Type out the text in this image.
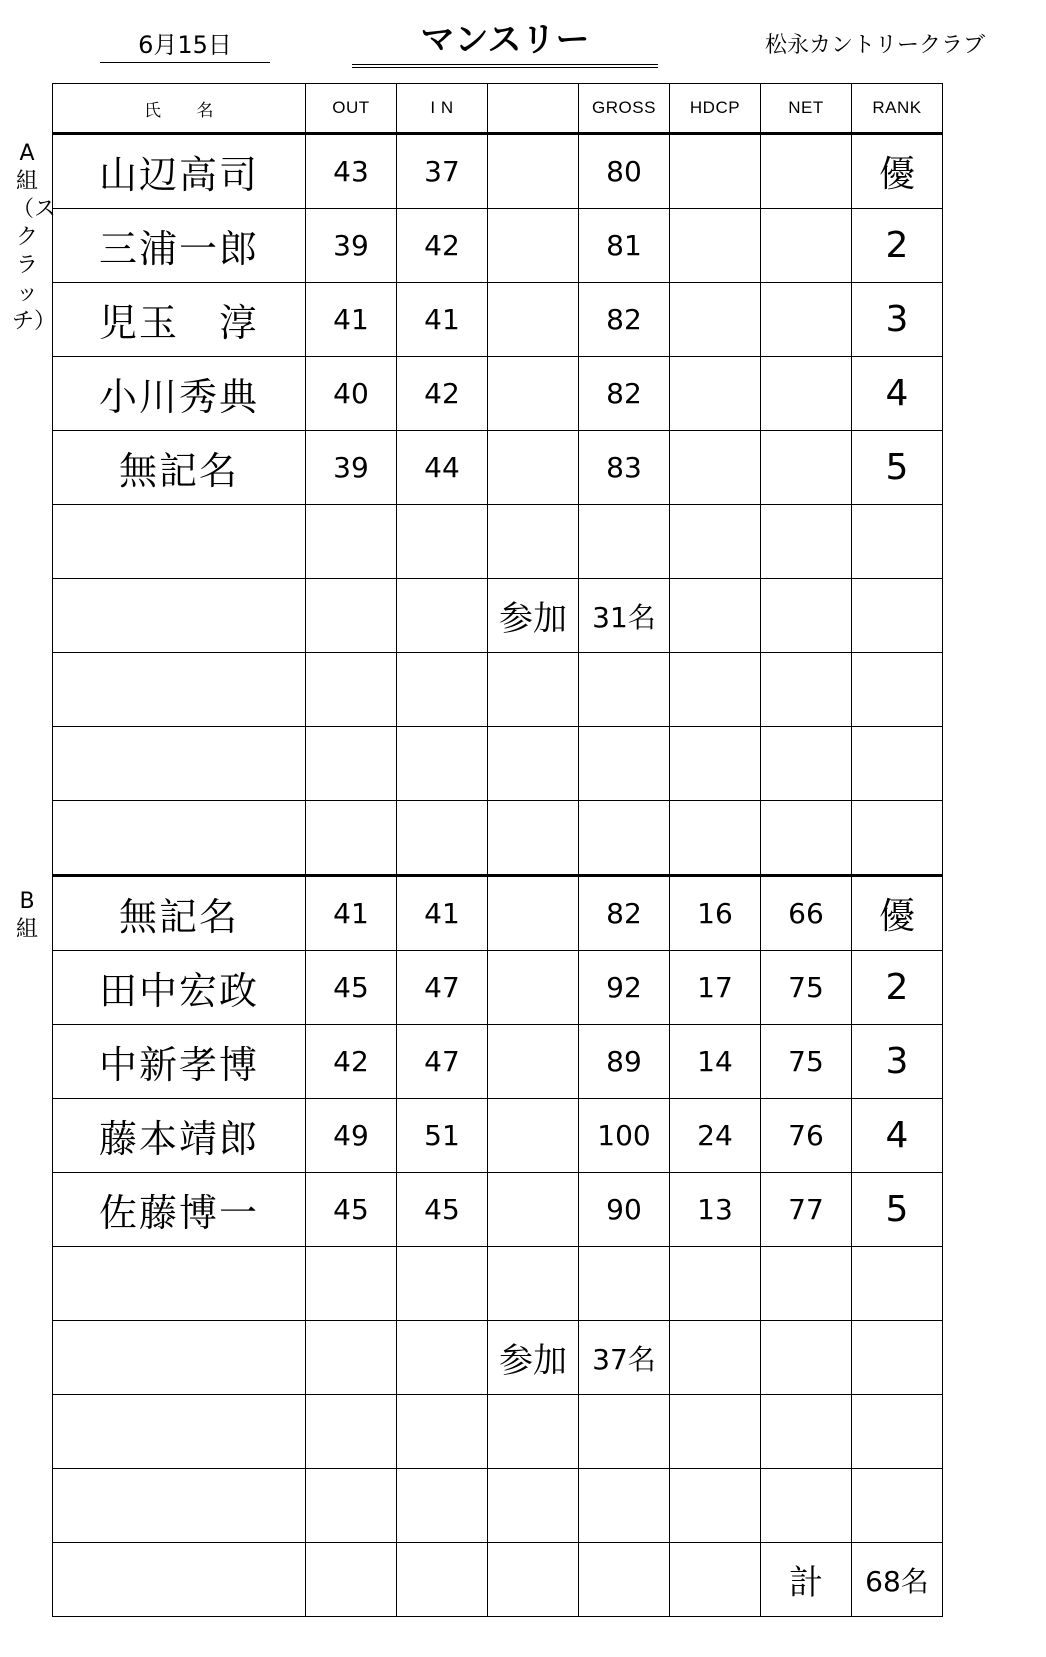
6月15日	マンスリー	松永カントリークラブ
A組（スクラッチ）
B組
氏　　名	OUT	I N		GROSS	HDCP	NET	RANK
山辺高司	43	37		80			優
三浦一郎	39	42		81			2
児玉　淳	41	41		82			3
小川秀典	40	42		82			4
無記名	39	44		83			5

			参加	31名			

無記名	41	41		82	16	66	優
田中宏政	45	47		92	17	75	2
中新孝博	42	47		89	14	75	3
藤本靖郎	49	51		100	24	76	4
佐藤博一	45	45		90	13	77	5

			参加	37名			

						計	68名
